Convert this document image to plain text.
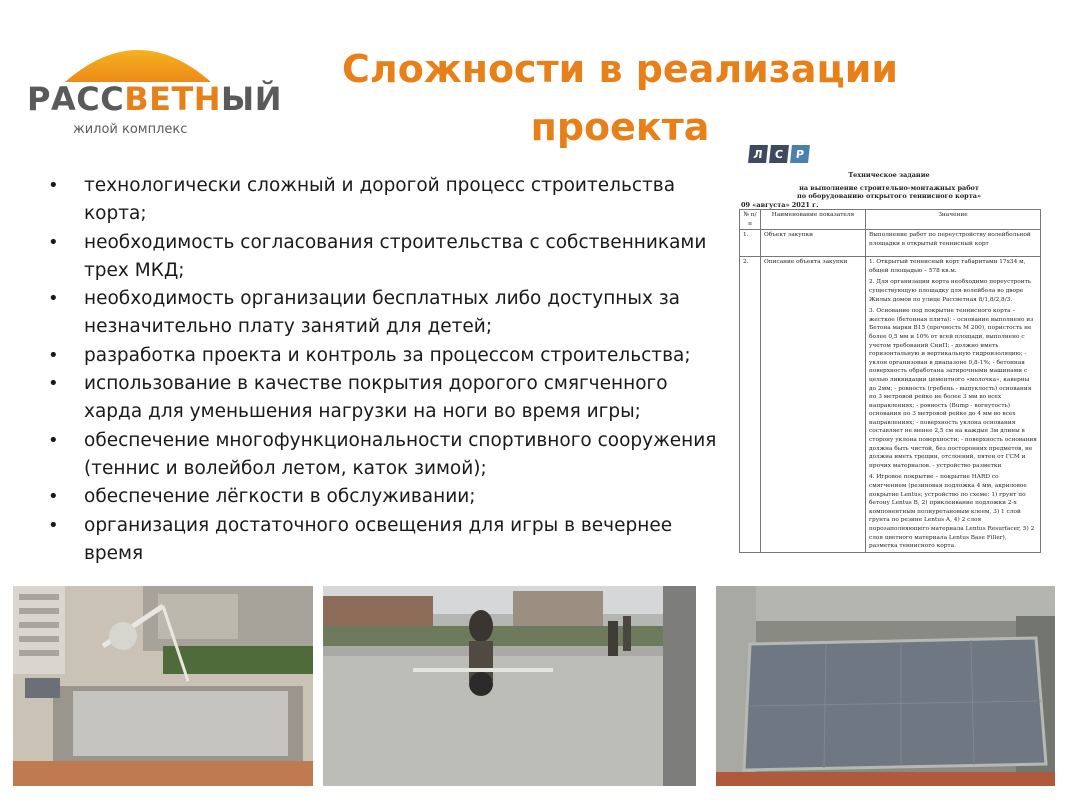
РАССВЕТНЫЙ
жилой комплекс
Сложности в реализации
проекта
• технологически сложный и дорогой процесс строительства корта;
• необходимость согласования строительства с собственниками трех МКД;
• необходимость организации бесплатных либо доступных за незначительно плату занятий для детей;
• разработка проекта и контроль за процессом строительства;
• использование в качестве покрытия дорогого смягченного харда для уменьшения нагрузки на ноги во время игры;
• обеспечение многофункциональности спортивного сооружения (теннис и волейбол летом, каток зимой);
• обеспечение лёгкости в обслуживании;
• организация достаточного освещения для игры в вечернее время
Л	С	Р
Техническое задание
на выполнение строительно-монтажных работ
по оборудованию открытого теннисного корта»
09 «августа» 2021 г.
№ п/п	Наименование показателя	Значение
1.	Объект закупки	Выполнение работ по переустройству волейбольной площадки в открытый теннисный корт
2.	Описание объекта закупки	1. Открытый теннисный корт габаритами 17х34 м, общей площадью – 578 кв.м.
2. Для организации корта необходимо переустроить существующую площадку для волейбола во дворе Жилых домов по улице Рассветная 8/1,8/2,8/3.
3. Основание под покрытие теннисного корта – жесткое (бетонная плита): - основание выполнено из Бетона марки В15 (прочность М 200), пористость не более 0,5 мм и 10% от всей площади, выполнено с учетом требований СниП; - должно иметь горизонтальную и вертикальную гидроизоляцию; - уклон организован в диапазоне 0,8-1%; - бетонная поверхность обработана затирочными машинами с целью ликвидации цементного «молочка», каверны до 2мм; - ровность (гребень - выпуклость) основания по 3 метровой рейке не более 3 мм во всех направлениях; - ровность (Bump - вогнутость) основания по 3 метровой рейке до 4 мм во всех направлениях; - поверхность уклона основания составляет не менее 2,5 см на каждые 3м длины в сторону уклона поверхности; - поверхность основания должна быть чистой, без посторонних предметов, не должна иметь трещин, отслоений, пятен от ГСМ и прочих материалов. - устройство разметки
4. Игровое покрытие – покрытие HARD со смягчением (резиновая подложка 4 мм, акриловое покрытие Lentus; устройство по схеме: 1) грунт по бетону Lentus B, 2) приклеивание подложки 2-х компонентным полиуретановым клеем, 3) 1 слой грунта по резине Lentus A, 4) 2 слоя порозаполняющего материала Lentus Resurfacer, 5) 2 слоя цветного материала Lentus Base Filler), разметка теннисного корта.
